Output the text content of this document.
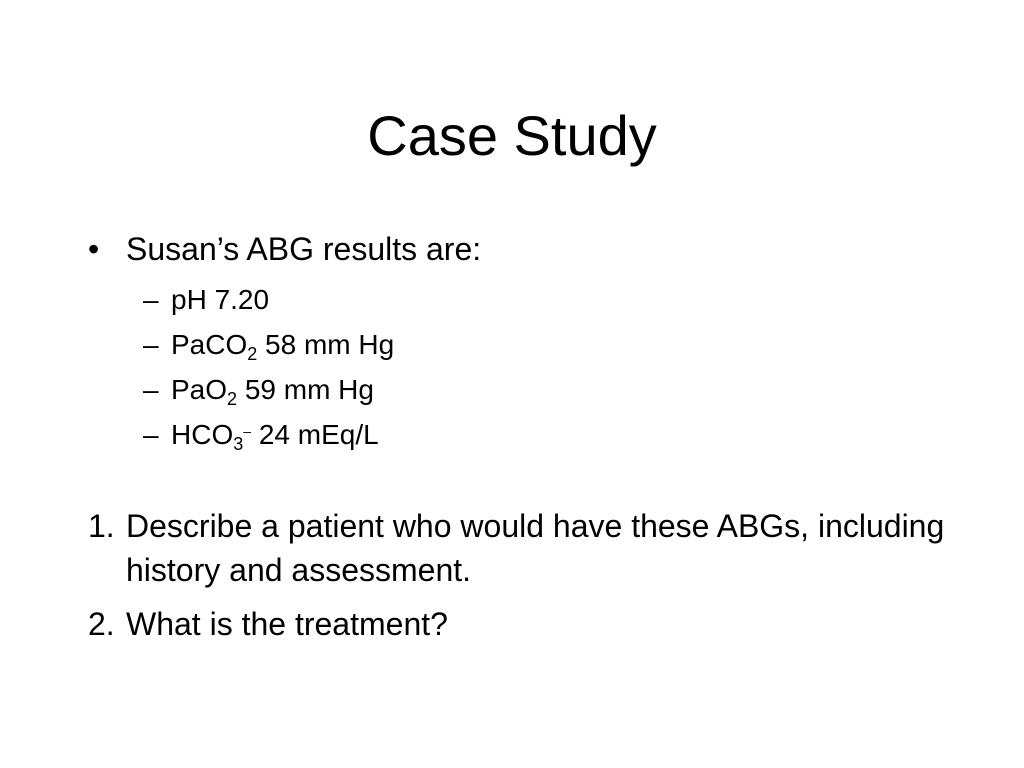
Case Study
• Susan’s ABG results are:
– pH 7.20
– PaCO$_2$ 58 mm Hg
– PaO$_2$ 59 mm Hg
– $HCO_3^-$ 24 mEq/L
1. Describe a patient who would have these ABGs, including history and assessment.
2. What is the treatment?
